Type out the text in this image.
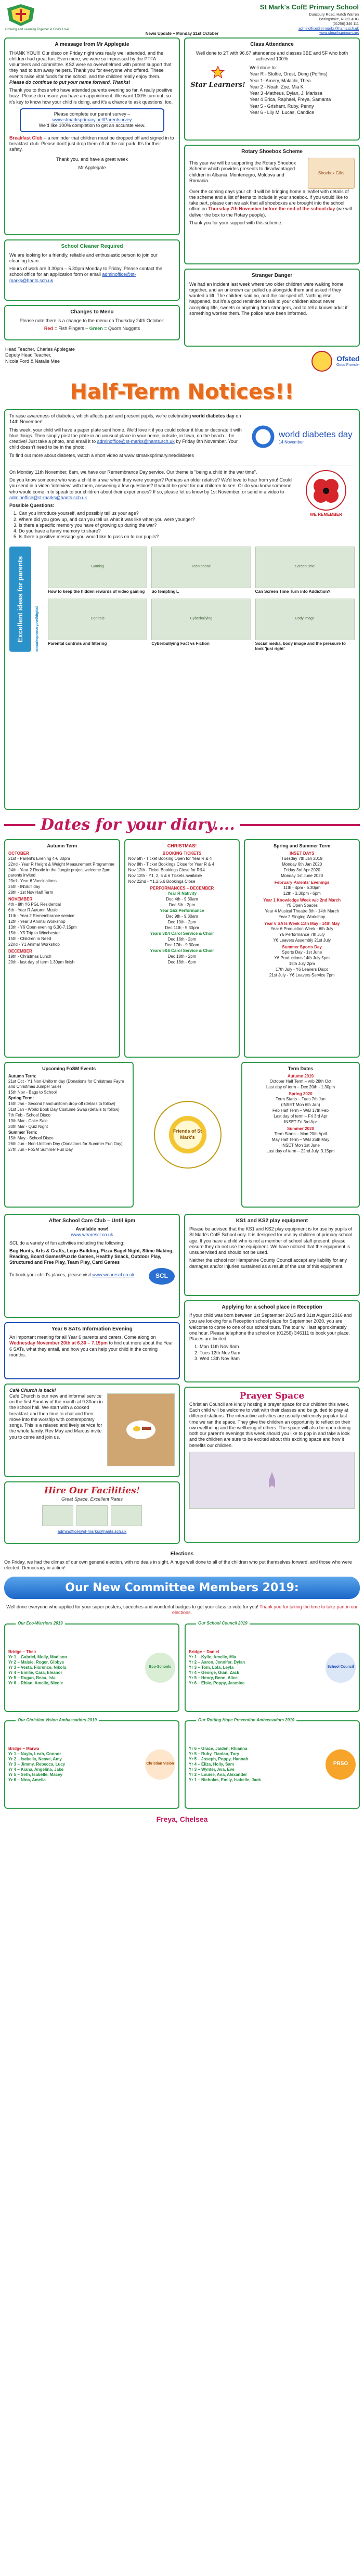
Growing and Learning Together in God's Love
St Mark's CofE Primary School
Dunsbury Road, Hatch Warren
Basingstoke, RG22 4UG
(01256) 346 111
adminoffice@st-marks@hants.sch.uk
www.stmarksprimary.net
News Update – Monday 21st October
A message from Mr Applegate

THANK YOU!!! Our disco on Friday night was really well attended, and the children had great fun. Even more, we were so impressed by the PTFA volunteers and committee. KS2 were so overwhelmed with parent support that they had to turn away helpers. Thank you for everyone who offered. These events raise vital funds for the school, and the children really enjoy them. Please do continue to put your name forward. Thanks!

Thank you to those who have attended parents evening so far. A really positive buzz. Please do ensure you have an appointment. We want 100% turn out, so it's key to know how your child is doing, and it's a chance to ask questions, too.

Please complete our parent survey –
www.stmarksprimary.net/Parentsurvey
We'd like 100% completion to get an accurate view.

Breakfast Club – a reminder that children must be dropped off and signed in to breakfast club. Please don't just drop them off at the car park. It's for their safety.

Thank you, and have a great week

Mr Applegate

School Cleaner Required

We are looking for a friendly, reliable and enthusiastic person to join our cleaning team.

Hours of work are 3.30pm – 5.30pm Monday to Friday. Please contact the school office for an application form or email adminoffice@st-marks@hants.sch.uk

Changes to Menu

Please note there is a change to the menu on Thursday 24th October:

Red = Fish Fingers – Green = Quorn Nuggets

Head Teacher, Charles Applegate
Deputy Head Teacher,
Nicola Ford & Natalie Mee
Class Attendance

Well done to 2T with 96.67 attendance and classes 3BE and 5F who both achieved 100%

Star Learners!
Well done to:
Year R - Stoltie, Orest, Dong (Poffins)
Year 1- Amery, Malachi, Thea
Year 2 - Noah, Zoe, Mia K
Year 3 -Matheus, Dylan, J, Marissa
Year 4 Erica, Raphael, Freya, Samanta
Year 5 - Grishant, Ruby, Penny
Year 6 - Lily M, Lucas, Candice
Rotary Shoebox Scheme

This year we will be supporting the Rotary Shoebox Scheme which provides presents to disadvantaged children in Albania, Montenegro, Moldova and Romania.

Shoebox Gifts

Over the coming days your child will be bringing home a leaflet with details of the scheme and a list of items to include in your shoebox. If you would like to take part, please can we ask that all shoeboxes are brought into the school office on Thursday 7th November before the end of the school day (we will deliver the box to the Rotary people).

Thank you for your support with this scheme.

Stranger Danger

We had an incident last week where two older children were walking home together, and an unknown car pulled up alongside them and asked if they wanted a lift. The children said no, and the car sped off. Nothing else happened, but it's a good reminder to talk to your children about never accepting lifts, sweets or anything from strangers, and to tell a known adult if something worries them. The police have been informed.

Ofsted
Good Provider
Half-Term Notices!!

To raise awareness of diabetes, which affects past and present pupils, we're celebrating world diabetes day on 14th November!

This week, your child will have a paper plate sent home. We'd love it if you could colour it blue or decorate it with blue things. Then simply post the plate in an unusual place in your home, outside, in town, on the beach... be creative! Just take a photo, and email it to adminoffice@st-marks@hants.sch.uk by Friday 8th November. Your child doesn't need to be in the photo.

To find out more about diabetes, watch a short video at www.stmarksprimary.net/diabetes

world diabetes day
14 November

On Monday 11th November, 8am, we have our Remembrance Day service. Our theme is "being a child in the war time".

Do you know someone who was a child in a war when they were younger? Perhaps an older relative? We'd love to hear from you! Could you send in a video 'interview' with them, answering a few questions? It would be great for our children to see. Or do you know someone who would come in to speak to our children about their experiences? If so, please let us know by 1st November, or send in a video to adminoffice@st-marks@hants.sch.uk

Possible Questions:

1. Can you introduce yourself, and possibly tell us your age?
2. Where did you grow up, and can you tell us what it was like when you were younger?
3. Is there a specific memory you have of growing up during the war?
4. Do you have a funny memory to share?
5. Is there a positive message you would like to pass on to our pupils?
WE REMEMBER
Excellent ideas for parents	stmarksprimary.net/digital
Gaming
How to keep the hidden rewards of video gaming
Teen phone
So tempting!..
Screen time
Can Screen Time Turn into Addiction?
Controls
Parental controls and filtering
Cyberbullying
Cyberbullying Fact vs Fiction
Body image
Social media, body image and the pressure to look 'just right'
Dates for your diary....
Autumn Term
OCTOBER
21st - Parent's Evening 4-6.30pm
22nd - Year R Height & Weight Measurement Programme
24th - Year 2 Rootle in the Jungle project welcome 2pm parents invited
23rd - Year 6 Vaccinations
25th - INSET day
28th - 1st Nov Half Term
NOVEMBER
4th - 8th Y6 PGL Residential
6th - Year R Autumn Music
11th - Year 2 Remembrance service
12th - Year 3 Animal Workshop
13th - Y6 Open evening 6.30-7.15pm
15th - Y5 Trip to Winchester
15th - Children in Need
22nd - Y1 Animal Workshop
DECEMBER
19th - Christmas Lunch
20th - last day of term 1.30pm finish
CHRISTMAS!
BOOKING TICKETS
Nov 5th - Ticket Booking Open for Year R & 4
Nov 8th - Ticket Bookings Close for Year R & 4
Nov 12th - Ticket Bookings Close for R&4
Nov 12th - Y1, 2, 5 & 6 Tickets available
Nov 22nd - Y1,2,5,6 Bookings Close
PERFORMANCES – DECEMBER
Year R Nativity
Dec 4th - 9.30am
Dec 5th - 2pm
Year 1&2 Performance
Dec 9th - 9.30am
Dec 10th - 2pm
Dec 11th - 5.30pm
Years 3&4 Carol Service & Choir
Dec 16th - 2pm
Dec 17th - 9.30am
Years 5&6 Carol Service & Choir
Dec 18th - 2pm
Dec 18th - 6pm
Spring and Summer Term
INSET DAYS
Tuesday 7th Jan 2019
Monday 6th Jan 2020
Friday 3rd Apr 2020
Monday 1st June 2020
February Parents' Evenings
11th - 4pm - 6.30pm
12th - 3.30pm - 6pm
Year 1 Knowledge Week w/c 2nd March
Y5 Open Spaces
Year 4 Musical Theatre 9th - 14th March
Year 2 Singing Workshop
Year 6 SATs Week 11th May - 14th May
Year 6 Production Week - 6th July
Y6 Performance 7th July
Y6 Leavers Assembly 21st July
Summer Sports Day
Sports Day - 1st June
Y6 Productions 14th July 5pm
15th July 2pm
17th July - Y6 Leavers Disco
21st July - Y6 Leavers Service 7pm
Upcoming FoSM Events
Autumn Term:
21st Oct - Y1 Non-Uniform day (Donations for Christmas Fayre and Christmas Jumper Sale)
15th Nov - Bags to School
Spring Term:
15th Jan - Second hand uniform drop-off (details to follow)
31st Jan - World Book Day Costume Swap (details to follow)
7th Feb - School Disco
13th Mar - Cake Sale
20th Mar - Quiz Night
Summer Term:
15th May - School Disco
26th Jun - Non-Uniform Day (Donations for Summer Fun Day)
27th Jun - FoSM Summer Fun Day
Friends of St Mark's
Term Dates
Autumn 2019
October Half Term – w/b 28th Oct
Last day of term – Dec 20th - 1.30pm
Spring 2020
Term Starts – Tues 7th Jan
(INSET Mon 6th Jan)
Feb Half Term – W/B 17th Feb
Last day of term – Fri 3rd Apr
INSET Fri 3rd Apr
Summer 2020
Term Starts – Mon 20th April
May Half Term – W/B 25th May
INSET Mon 1st June
Last day of term – 22nd July, 3.15pm
After School Care Club – Until 6pm
Available now!
www.wearescl.co.uk

SCL do a variety of fun activities including the following:

Bug Hunts, Arts & Crafts, Lego Building, Pizza Bagel Night, Slime Making, Reading, Board Games/Puzzle Games, Healthy Snack, Outdoor Play, Structured and Free Play, Team Play, Card Games

To book your child's places, please visit www.wearescl.co.uk	SCL
Year 6 SATs Information Evening

An important meeting for all Year 6 parents and carers. Come along on Wednesday November 20th at 6.30 – 7.15pm to find out more about the Year 6 SATs, what they entail, and how you can help your child in the coming months.

Café Church is back!

Café Church is our new and informal service on the first Sunday of the month at 9.30am in the school hall. We start with a cooked breakfast and then time to chat and then move into the worship with contemporary songs. This is a relaxed and lively service for the whole family. Rev May and Marcus invite you to come and join us.

Hire Our Facilities!
Great Space, Excellent Rates
adminoffice@st-marks@hants.sch.uk
KS1 and KS2 play equipment

Please be advised that the KS1 and KS2 play equipment is for use by pupils of St Mark's CofE School only. It is designed for use by children of primary school age. If you have a child who is not a member of school staff present, please ensure they do not use the equipment. We have noticed that the equipment is unsupervised and should not be used.

Neither the school nor Hampshire County Council accept any liability for any damages and/or injuries sustained as a result of the use of this equipment.

Applying for a school place in Reception

If your child was born between 1st September 2015 and 31st August 2016 and you are looking for a Reception school place for September 2020, you are welcome to come to one of our school tours. The tour will last approximately one hour. Please telephone the school on (01256) 346111 to book your place. Places are limited:

1. Mon 11th Nov 9am
2. Tues 12th Nov 9am
3. Wed 13th Nov 9am
Prayer Space

Christian Council are kindly hosting a prayer space for our children this week. Each child will be welcome to visit with their classes and be guided to pray at different stations. The interactive activities are usually extremely popular last time we ran the space. They give the children an opportunity to reflect on their own wellbeing and the wellbeing of others. The space will also be open during both our parent's evenings this week should you like to pop in and take a look and the children are sure to be excited about this exciting space and how it benefits our children.

Elections

On Friday, we had the climax of our own general election, with no deals in sight. A huge well done to all of the children who put themselves forward, and those who were elected. Democracy in action!

Our New Committee Members 2019:

Well done everyone who applied for your super posters, speeches and wonderful badges to get your class to vote for you! Thank you for taking the time to take part in our elections.

Our Eco-Warriors 2019
Bridge – Their
Yr 1 – Gabriel, Molly, Madison
Yr 2 – Maisie, Roger, Gibbys
Yr 3 – Vesta, Florence, Nikola
Yr 4 – Emilie, Cara, Eleanor
Yr 5 – Rogan, Beau, Isla
Yr 6 – Rhian, Amelie, Nicole
Eco-Schools
Our School Council 2019
Bridge – Daniel
Yr 1 – Kylie, Amelie, Mia
Yr 2 – Aaron, Jennifer, Dylan
Yr 3 – Tom, Lola, Leyla
Yr 4 – George, Gian, Zack
Yr 5 – Henry, Benn, Alice
Yr 6 – Elsie, Poppy, Jasmine
School Council
Our Christian Vision Ambassadors 2019
Bridge – Marwa
Yr 1 – Nayla, Leah, Connor
Yr 2 – Isabella, Neave, Amy
Yr 3 – Jimmy, Rebecca, Lucy
Yr 4 – Kiana, Angelina, Jake
Yr 5 – Seth, Isabelle, Macey
Yr 6 – Nina, Amelia
Christian Vision
Our Rotting Hope Prevention Ambassadors 2019
Yr 6 – Grace, Jaiden, Rhianna
Yr 5 – Ruby, Tianlan, Tory
Yr 5 – Joseph, Poppy, Hannah
Yr 4 – Eliza, Holly, Sam
Yr 3 – Wynter, Ava, Eve
Yr 2 – Louise, Ana, Alexander
Yr 1 – Nicholas, Emily, Isabelle, Jack
PRSO
Freya, Chelsea
